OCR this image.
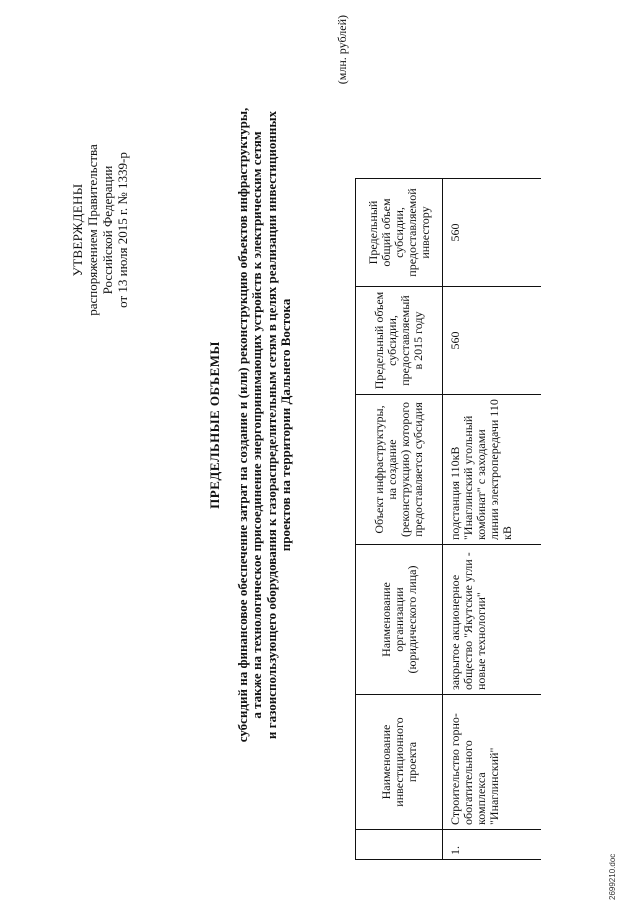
УТВЕРЖДЕНЫ распоряжением Правительства Российской Федерации от 13 июля 2015 г. № 1339-р
ПРЕДЕЛЬНЫЕ ОБЪЕМЫ субсидий на финансовое обеспечение затрат на создание и (или) реконструкцию объектов инфраструктуры, а также на технологическое присоединение энергопринимающих устройств к электрическим сетям и газоиспользующего оборудования к газораспределительным сетям в целях реализации инвестиционных проектов на территории Дальнего Востока
(млн. рублей)
	Наименование инвестиционного проекта	Наименование организации (юридического лица)	Объект инфраструктуры, на создание (реконструкцию) которого предоставляется субсидия	Предельный объем субсидии, предоставляемый в 2015 году	Предельный общий объем субсидии, предоставляемой инвестору
1.	Строительство горно-обогатительного комплекса "Инаглинский"	закрытое акционерное общество "Якутские угли - новые технологии"	подстанция 110кВ "Инаглинский угольный комбинат" с заходами линии электропередачи 110 кВ	560	560
2699210.doc
